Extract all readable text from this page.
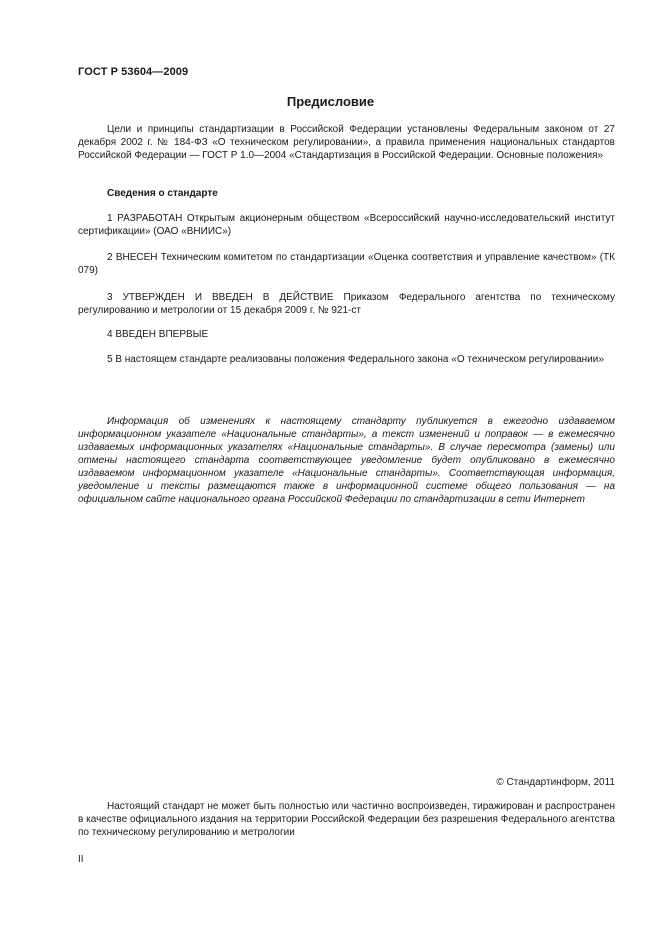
ГОСТ Р 53604—2009
Предисловие

Цели и принципы стандартизации в Российской Федерации установлены Федеральным законом от 27 декабря 2002 г. № 184-ФЗ «О техническом регулировании», а правила применения национальных стандартов Российской Федерации — ГОСТ Р 1.0—2004 «Стандартизация в Российской Федерации. Основные положения»

Сведения о стандарте

1 РАЗРАБОТАН Открытым акционерным обществом «Всероссийский научно-исследовательский институт сертификации» (ОАО «ВНИИС»)

2 ВНЕСЕН Техническим комитетом по стандартизации «Оценка соответствия и управление качеством» (ТК 079)

3 УТВЕРЖДЕН И ВВЕДЕН В ДЕЙСТВИЕ Приказом Федерального агентства по техническому регулированию и метрологии от 15 декабря 2009 г. № 921-ст

4 ВВЕДЕН ВПЕРВЫЕ

5 В настоящем стандарте реализованы положения Федерального закона «О техническом регулировании»

Информация об изменениях к настоящему стандарту публикуется в ежегодно издаваемом информационном указателе «Национальные стандарты», а текст изменений и поправок — в ежемесячно издаваемых информационных указателях «Национальные стандарты». В случае пересмотра (замены) или отмены настоящего стандарта соответствующее уведомление будет опубликовано в ежемесячно издаваемом информационном указателе «Национальные стандарты». Соответствующая информация, уведомление и тексты размещаются также в информационной системе общего пользования — на официальном сайте национального органа Российской Федерации по стандартизации в сети Интернет

© Стандартинформ, 2011

Настоящий стандарт не может быть полностью или частично воспроизведен, тиражирован и распространен в качестве официального издания на территории Российской Федерации без разрешения Федерального агентства по техническому регулированию и метрологии

II
